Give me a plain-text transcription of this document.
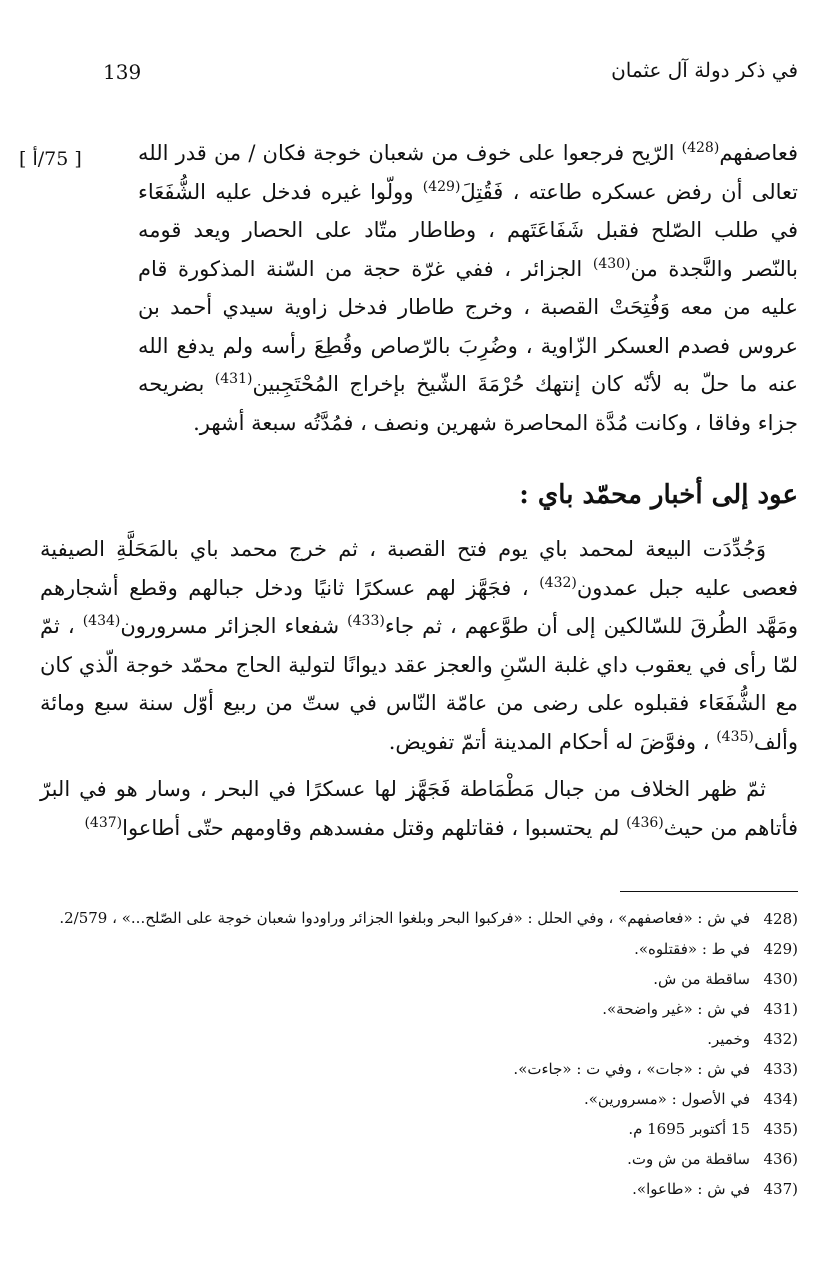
في ذكر دولة آل عثمان
139
[ 75/أ ]	فعاصفهم$^{(428)}$ الرّيح فرجعوا على خوف من شعبان خوجة فكان / من قدر الله تعالى أن رفض عسكره طاعته ، فَقُتِلَ$^{(429)}$ وولّوا غيره فدخل عليه الشُّفَعَاء في طلب الصّلح فقبل شَفَاعَتَهم ، وطاطار متّاد على الحصار ويعد قومه بالنّصر والنَّجدة من$^{(430)}$ الجزائر ، ففي غرّة حجة من السّنة المذكورة قام عليه من معه وَفُتِحَتْ القصبة ، وخرج طاطار فدخل زاوية سيدي أحمد بن عروس فصدم العسكر الزّاوية ، وضُرِبَ بالرّصاص وقُطِعَ رأسه ولم يدفع الله عنه ما حلّ به لأنّه كان إنتهك حُرْمَةَ الشّيخ بإخراج المُحْتَجِبين$^{(431)}$ بضريحه جزاء وفاقا ، وكانت مُدَّة المحاصرة شهرين ونصف ، فمُدَّتُه سبعة أشهر.

عود إلى أخبار محمّد باي :

وَجُدِّدَت البيعة لمحمد باي يوم فتح القصبة ، ثم خرج محمد باي بالمَحَلَّةِ الصيفية فعصى عليه جبل عمدون$^{(432)}$ ، فجَهَّز لهم عسكرًا ثانيًا ودخل جبالهم وقطع أشجارهم ومَهَّد الطُرقَ للسّالكين إلى أن طوَّعهم ، ثم جاء$^{(433)}$ شفعاء الجزائر مسرورون$^{(434)}$ ، ثمّ لمّا رأى في يعقوب داي غلبة السّنِ والعجز عقد ديوانًا لتولية الحاج محمّد خوجة الّذي كان مع الشُّفَعَاء فقبلوه على رضى من عامّة النّاس في ستّ من ربيع أوّل سنة سبع ومائة وألف$^{(435)}$ ، وفوَّضَ له أحكام المدينة أتمّ تفويض.

ثمّ ظهر الخلاف من جبال مَطْمَاطة فَجَهَّز لها عسكرًا في البحر ، وسار هو في البرّ فأتاهم من حيث$^{(436)}$ لم يحتسبوا ، فقاتلهم وقتل مفسدهم وقاومهم حتّى أطاعوا$^{(437)}$

(428
في ش : «فعاصفهم» ، وفي الحلل : «فركبوا البحر وبلغوا الجزائر وراودوا شعبان خوجة على الصّلح...» ، 2/579.
(429
في ط : «فقتلوه».
(430
ساقطة من ش.
(431
في ش : «غير واضحة».
(432
وخمير.
(433
في ش : «جات» ، وفي ت : «جاءت».
(434
في الأصول : «مسرورين».
(435
15 أكتوبر 1695 م.
(436
ساقطة من ش وت.
(437
في ش : «طاعوا».
